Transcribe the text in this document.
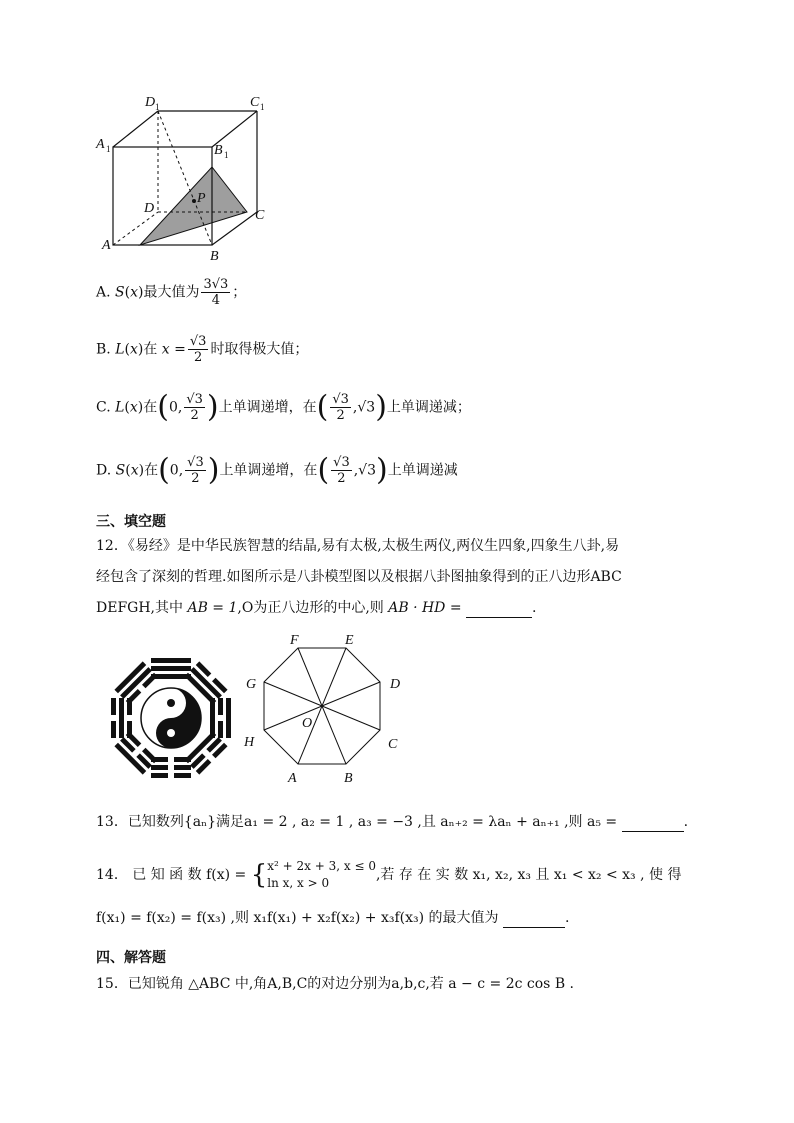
D 1	C 1
A 1	B 1
P
D	C
A
B
A. S(x)最大值为 $\frac{3√3}{4}$ ；
B. L(x)在 $x = \frac{√3}{2}$ 时取得极大值；
C. L(x)在(0, $\frac{√3}{2}$ )上单调递增，在( $\frac{√3}{2} ,√3$)上单调递减；
D. S(x)在(0, $\frac{√3}{2}$ )上单调递增，在( $\frac{√3}{2} ,√3$)上单调递减
三、填空题
12．《易经》是中华民族智慧的结晶,易有太极,太极生两仪,两仪生四象,四象生八卦,易
经包含了深刻的哲理.如图所示是八卦模型图以及根据八卦图抽象得到的正八边形ABC
DEFGH,其中 AB = 1,O为正八边形的中心,则 AB · HD =	.
F	E
G	D
H	C
A	B
O
13．已知数列{aₙ}满足a₁ = 2 , a₂ = 1 , a₃ = −3 ,且 aₙ₊₂ = λaₙ + aₙ₊₁ ,则 a₅ =	.
14． 已 知 函 数 f(x) = { x² + 2x + 3, x ≤ 0
ln x, x > 0	,若 存 在 实 数 x₁, x₂, x₃ 且 x₁ < x₂ < x₃ , 使 得
f(x₁) = f(x₂) = f(x₃) ,则 x₁f(x₁) + x₂f(x₂) + x₃f(x₃) 的最大值为	.
四、解答题
15．已知锐角 △ABC 中,角A,B,C的对边分别为a,b,c,若 a − c = 2c cos B .
